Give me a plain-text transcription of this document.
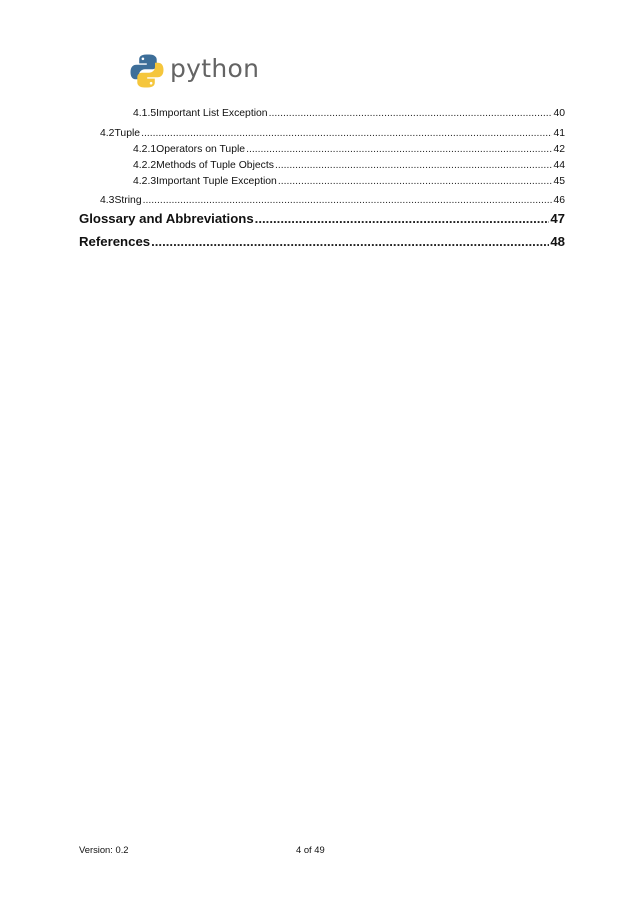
python
4.1.5 Important List Exception .....	40
4.2 Tuple .....	41
4.2.1 Operators on Tuple .....	42
4.2.2 Methods of Tuple Objects .....	44
4.2.3 Important Tuple Exception .....	45
4.3 String .....	46
Glossary and Abbreviations .....	47
References .....	48
Version: 0.2	4 of 49
